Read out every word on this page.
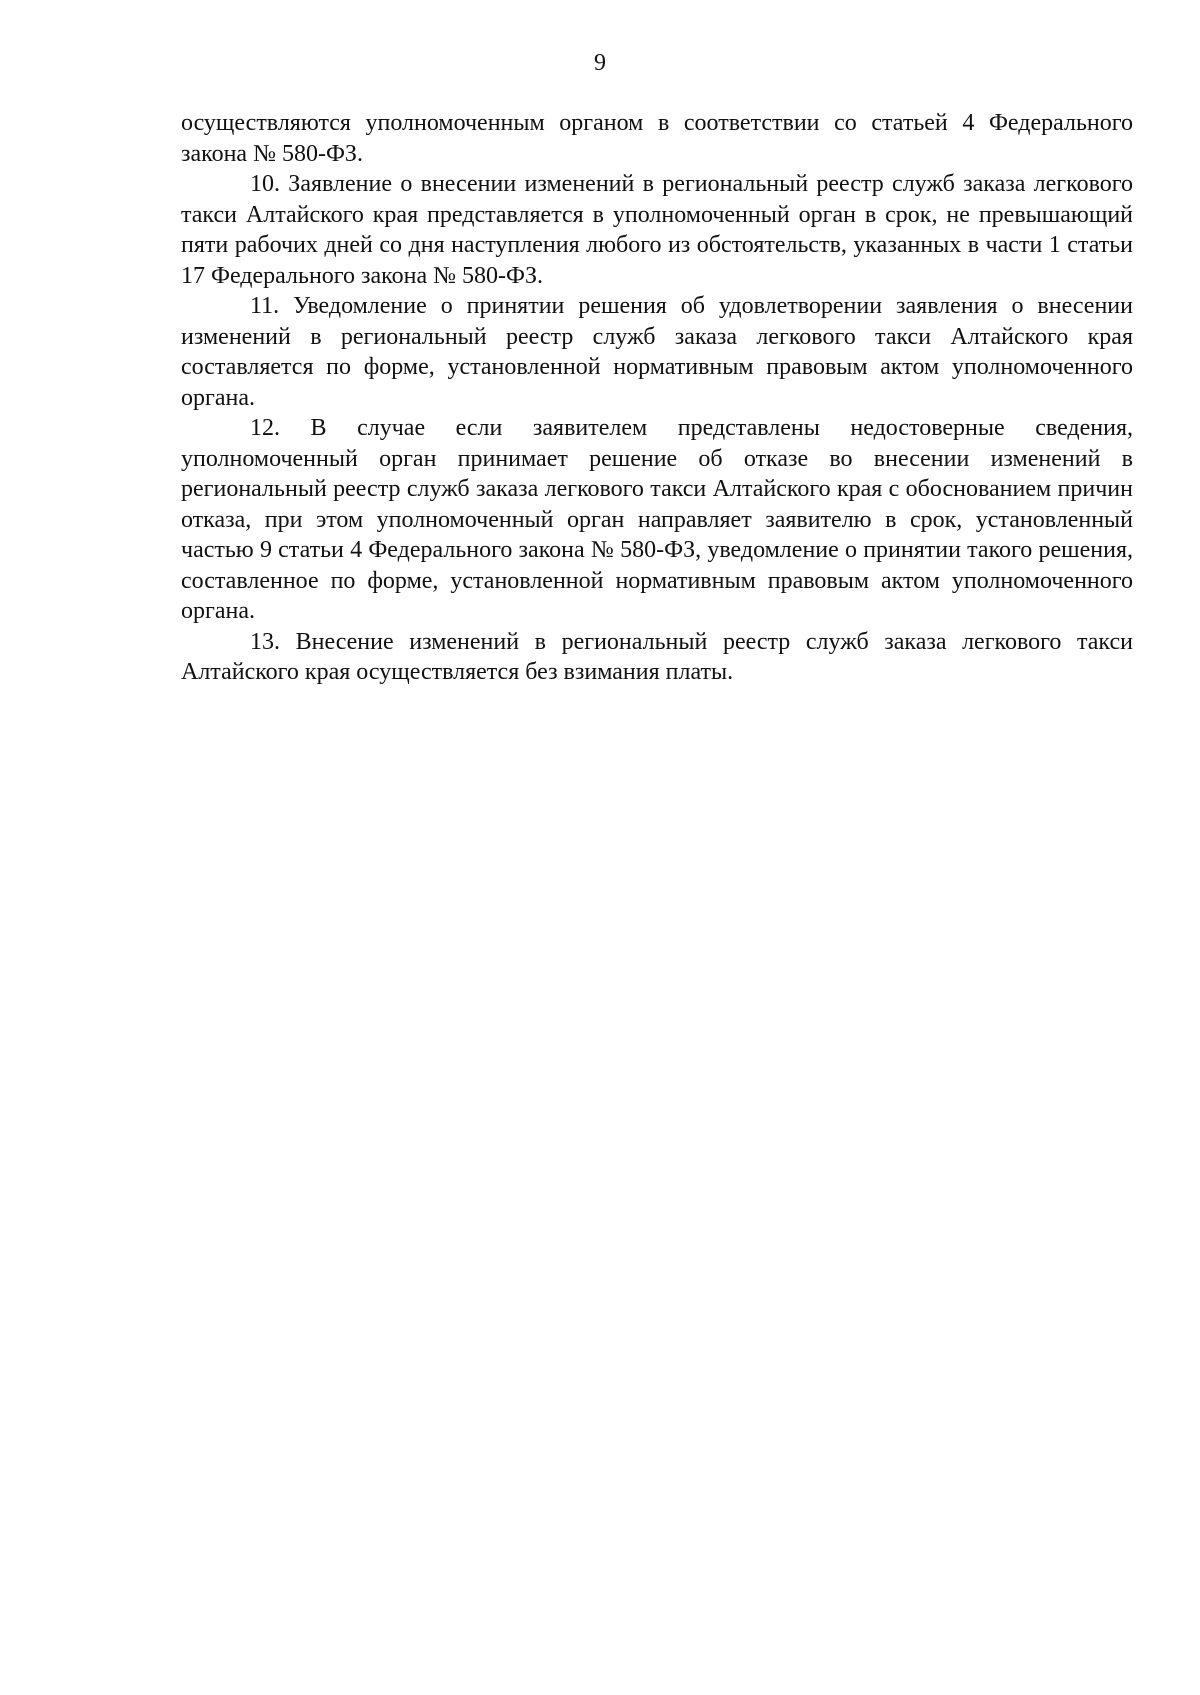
9

осуществляются уполномоченным органом в соответствии со статьей 4 Федерального закона № 580-ФЗ.

10. Заявление о внесении изменений в региональный реестр служб заказа легкового такси Алтайского края представляется в уполномоченный орган в срок, не превышающий пяти рабочих дней со дня наступления любого из обстоятельств, указанных в части 1 статьи 17 Федерального закона № 580-ФЗ.

11. Уведомление о принятии решения об удовлетворении заявления о внесении изменений в региональный реестр служб заказа легкового такси Алтайского края составляется по форме, установленной нормативным правовым актом уполномоченного органа.

12. В случае если заявителем представлены недостоверные сведения, уполномоченный орган принимает решение об отказе во внесении изменений в региональный реестр служб заказа легкового такси Алтайского края с обоснованием причин отказа, при этом уполномоченный орган направляет заявителю в срок, установленный частью 9 статьи 4 Федерального закона № 580-ФЗ, уведомление о принятии такого решения, составленное по форме, установленной нормативным правовым актом уполномоченного органа.

13. Внесение изменений в региональный реестр служб заказа легкового такси Алтайского края осуществляется без взимания платы.
